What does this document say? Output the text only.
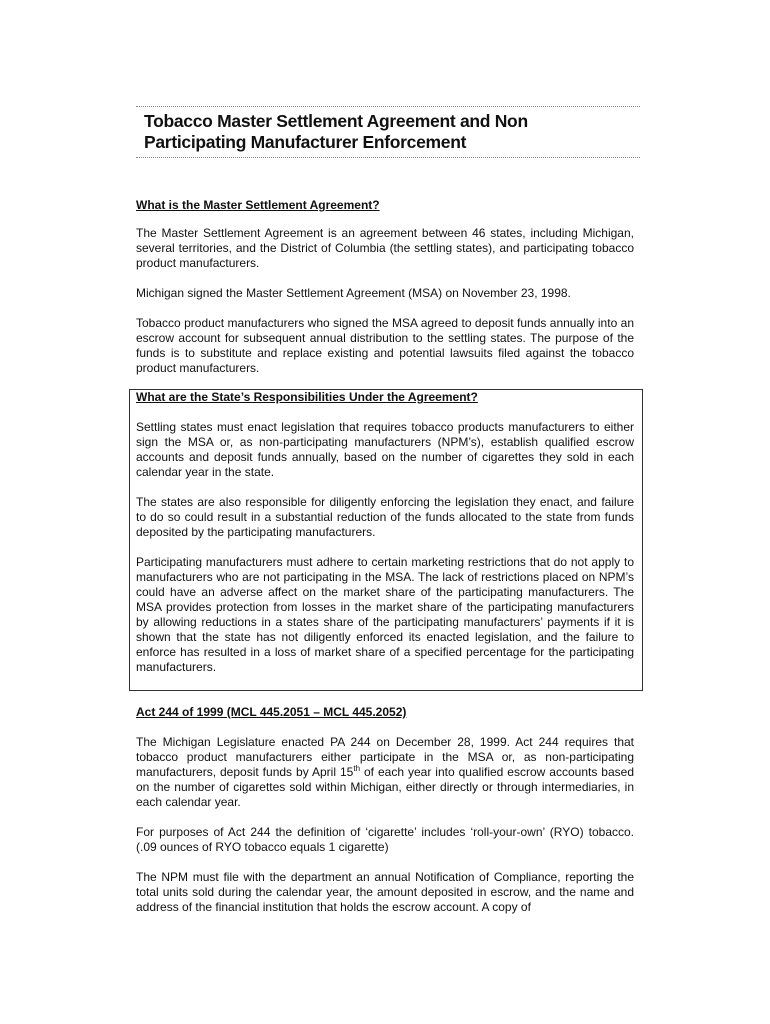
Tobacco Master Settlement Agreement and Non
Participating Manufacturer Enforcement
What is the Master Settlement Agreement?

The Master Settlement Agreement is an agreement between 46 states, including Michigan, several territories, and the District of Columbia (the settling states), and participating tobacco product manufacturers.

Michigan signed the Master Settlement Agreement (MSA) on November 23, 1998.

Tobacco product manufacturers who signed the MSA agreed to deposit funds annually into an escrow account for subsequent annual distribution to the settling states. The purpose of the funds is to substitute and replace existing and potential lawsuits filed against the tobacco product manufacturers.

What are the State’s Responsibilities Under the Agreement?

Settling states must enact legislation that requires tobacco products manufacturers to either sign the MSA or, as non-participating manufacturers (NPM’s), establish qualified escrow accounts and deposit funds annually, based on the number of cigarettes they sold in each calendar year in the state.

The states are also responsible for diligently enforcing the legislation they enact, and failure to do so could result in a substantial reduction of the funds allocated to the state from funds deposited by the participating manufacturers.

Participating manufacturers must adhere to certain marketing restrictions that do not apply to manufacturers who are not participating in the MSA. The lack of restrictions placed on NPM’s could have an adverse affect on the market share of the participating manufacturers. The MSA provides protection from losses in the market share of the participating manufacturers by allowing reductions in a states share of the participating manufacturers’ payments if it is shown that the state has not diligently enforced its enacted legislation, and the failure to enforce has resulted in a loss of market share of a specified percentage for the participating manufacturers.

Act 244 of 1999 (MCL 445.2051 – MCL 445.2052)

The Michigan Legislature enacted PA 244 on December 28, 1999. Act 244 requires that tobacco product manufacturers either participate in the MSA or, as non-participating manufacturers, deposit funds by April 15th of each year into qualified escrow accounts based on the number of cigarettes sold within Michigan, either directly or through intermediaries, in each calendar year.

For purposes of Act 244 the definition of ‘cigarette’ includes ‘roll-your-own’ (RYO) tobacco. (.09 ounces of RYO tobacco equals 1 cigarette)

The NPM must file with the department an annual Notification of Compliance, reporting the total units sold during the calendar year, the amount deposited in escrow, and the name and address of the financial institution that holds the escrow account. A copy of
